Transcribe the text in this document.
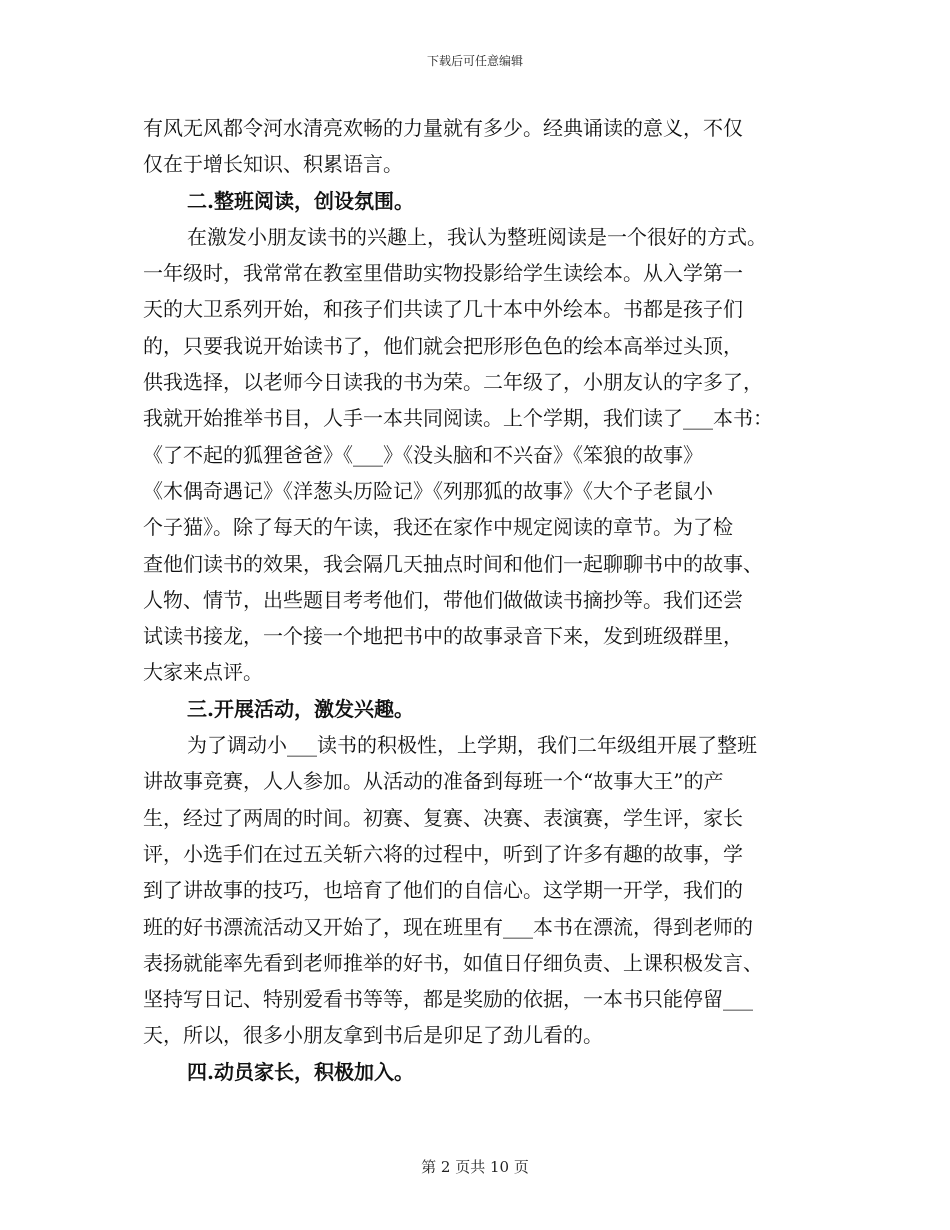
下载后可任意编辑
有风无风都令河水清亮欢畅的力量就有多少。经典诵读的意义，不仅
仅在于增长知识、积累语言。
二.整班阅读，创设氛围。
在激发小朋友读书的兴趣上，我认为整班阅读是一个很好的方式。
一年级时，我常常在教室里借助实物投影给学生读绘本。从入学第一
天的大卫系列开始，和孩子们共读了几十本中外绘本。书都是孩子们
的，只要我说开始读书了，他们就会把形形色色的绘本高举过头顶，
供我选择，以老师今日读我的书为荣。二年级了，小朋友认的字多了，
我就开始推举书目，人手一本共同阅读。上个学期，我们读了___本书：
《了不起的狐狸爸爸》《___》《没头脑和不兴奋》《笨狼的故事》
《木偶奇遇记》《洋葱头历险记》《列那狐的故事》《大个子老鼠小
个子猫》。除了每天的午读，我还在家作中规定阅读的章节。为了检
查他们读书的效果，我会隔几天抽点时间和他们一起聊聊书中的故事、
人物、情节，出些题目考考他们，带他们做做读书摘抄等。我们还尝
试读书接龙，一个接一个地把书中的故事录音下来，发到班级群里，
大家来点评。
三.开展活动，激发兴趣。
为了调动小___读书的积极性，上学期，我们二年级组开展了整班
讲故事竞赛，人人参加。从活动的准备到每班一个“故事大王”的产
生，经过了两周的时间。初赛、复赛、决赛、表演赛，学生评，家长
评，小选手们在过五关斩六将的过程中，听到了许多有趣的故事，学
到了讲故事的技巧，也培育了他们的自信心。这学期一开学，我们的
班的好书漂流活动又开始了，现在班里有___本书在漂流，得到老师的
表扬就能率先看到老师推举的好书，如值日仔细负责、上课积极发言、
坚持写日记、特别爱看书等等，都是奖励的依据，一本书只能停留___
天，所以，很多小朋友拿到书后是卯足了劲儿看的。
四.动员家长，积极加入。
第 2 页共 10 页
